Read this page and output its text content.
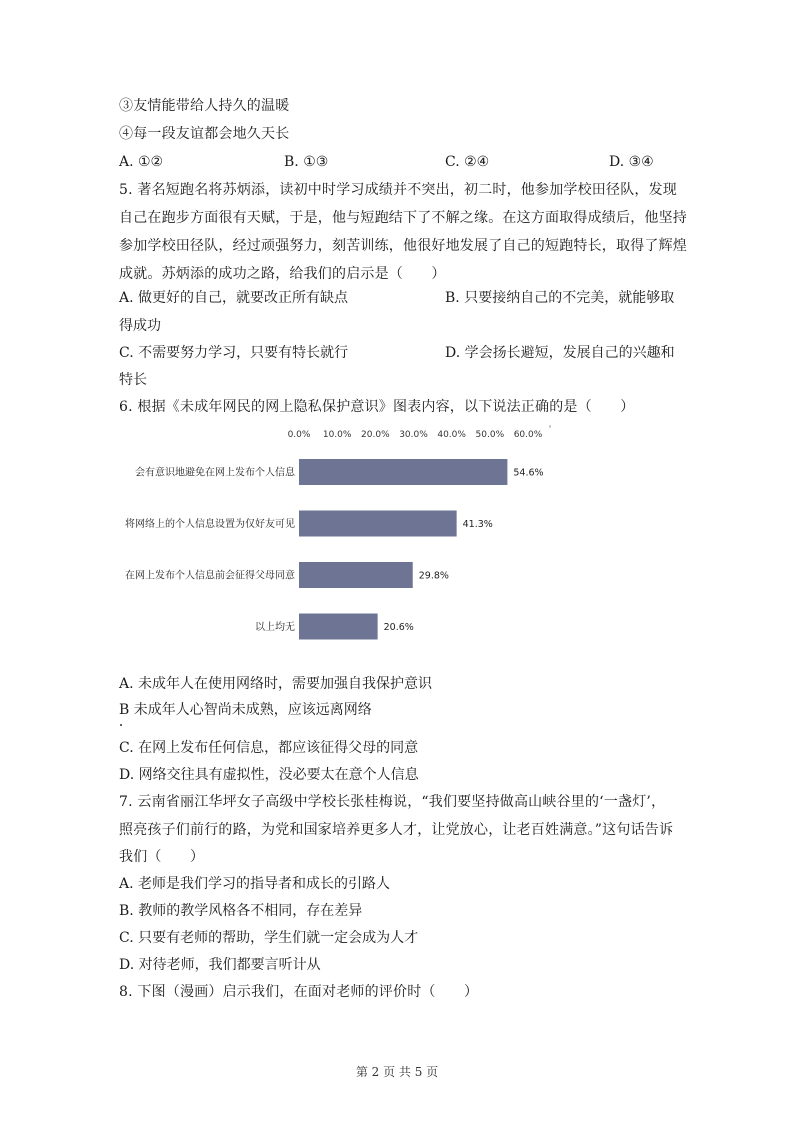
③友情能带给人持久的温暖
④每一段友谊都会地久天长
A. ①②	B. ①③	C. ②④	D. ③④
5. 著名短跑名将苏炳添，读初中时学习成绩并不突出，初二时，他参加学校田径队，发现
自己在跑步方面很有天赋，于是，他与短跑结下了不解之缘。在这方面取得成绩后，他坚持
参加学校田径队，经过顽强努力，刻苦训练，他很好地发展了自己的短跑特长，取得了辉煌
成就。苏炳添的成功之路，给我们的启示是（　　）
A. 做更好的自己，就要改正所有缺点	B. 只要接纳自己的不完美，就能够取
得成功
C. 不需要努力学习，只要有特长就行	D. 学会扬长避短，发展自己的兴趣和
特长
6. 根据《未成年网民的网上隐私保护意识》图表内容，以下说法正确的是（　　）
0.0% 10.0% 20.0% 30.0% 40.0% 50.0% 60.0%
会有意识地避免在网上发布个人信息	54.6%
将网络上的个人信息设置为仅好友可见	41.3%
在网上发布个人信息前会征得父母同意	29.8%
以上均无	20.6%
A. 未成年人在使用网络时，需要加强自我保护意识
B 未成年人心智尚未成熟，应该远离网络
C. 在网上发布任何信息，都应该征得父母的同意
D. 网络交往具有虚拟性，没必要太在意个人信息
7. 云南省丽江华坪女子高级中学校长张桂梅说，“我们要坚持做高山峡谷里的‘一盏灯’，
照亮孩子们前行的路，为党和国家培养更多人才，让党放心，让老百姓满意。”这句话告诉
我们（　　）
A. 老师是我们学习的指导者和成长的引路人
B. 教师的教学风格各不相同，存在差异
C. 只要有老师的帮助，学生们就一定会成为人才
D. 对待老师，我们都要言听计从
8. 下图（漫画）启示我们，在面对老师的评价时（　　）
第 2 页 共 5 页
